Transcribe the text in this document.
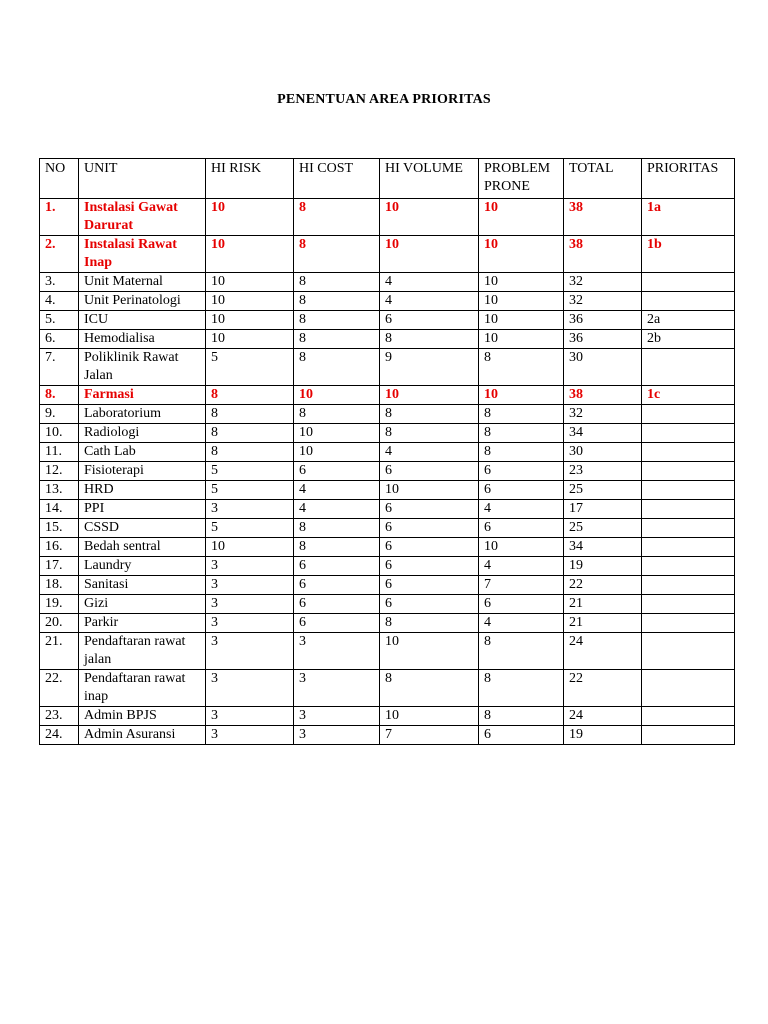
PENENTUAN AREA PRIORITAS
NO	UNIT	HI RISK	HI COST	HI VOLUME	PROBLEM PRONE	TOTAL	PRIORITAS
1.	Instalasi Gawat Darurat	10	8	10	10	38	1a
2.	Instalasi Rawat Inap	10	8	10	10	38	1b
3.	Unit Maternal	10	8	4	10	32	
4.	Unit Perinatologi	10	8	4	10	32	
5.	ICU	10	8	6	10	36	2a
6.	Hemodialisa	10	8	8	10	36	2b
7.	Poliklinik Rawat Jalan	5	8	9	8	30	
8.	Farmasi	8	10	10	10	38	1c
9.	Laboratorium	8	8	8	8	32	
10.	Radiologi	8	10	8	8	34	
11.	Cath Lab	8	10	4	8	30	
12.	Fisioterapi	5	6	6	6	23	
13.	HRD	5	4	10	6	25	
14.	PPI	3	4	6	4	17	
15.	CSSD	5	8	6	6	25	
16.	Bedah sentral	10	8	6	10	34	
17.	Laundry	3	6	6	4	19	
18.	Sanitasi	3	6	6	7	22	
19.	Gizi	3	6	6	6	21	
20.	Parkir	3	6	8	4	21	
21.	Pendaftaran rawat jalan	3	3	10	8	24	
22.	Pendaftaran rawat inap	3	3	8	8	22	
23.	Admin BPJS	3	3	10	8	24	
24.	Admin Asuransi	3	3	7	6	19	
